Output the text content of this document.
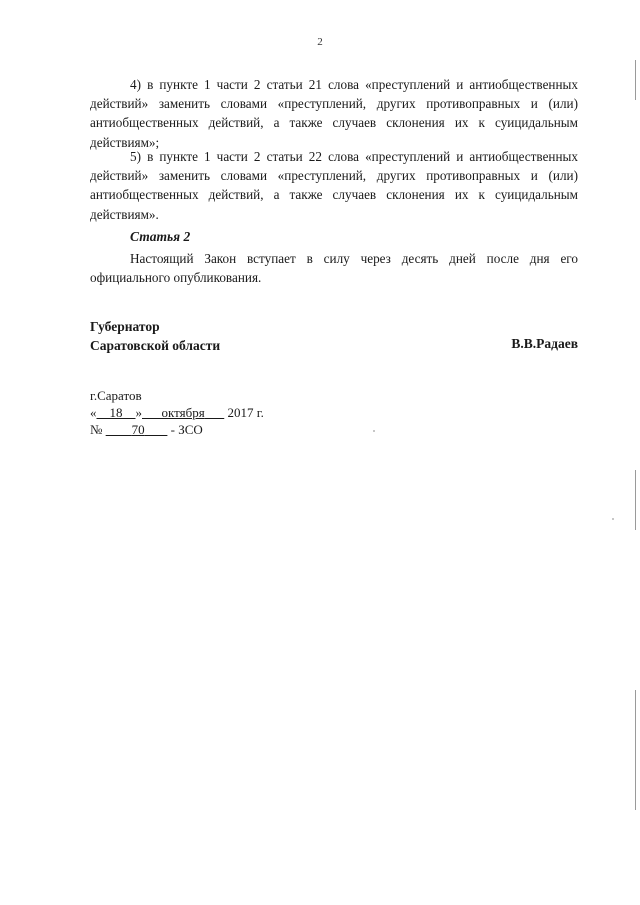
2

4) в пункте 1 части 2 статьи 21 слова «преступлений и антиобщественных действий» заменить словами «преступлений, других противоправных и (или) антиобщественных действий, а также случаев склонения их к суицидальным действиям»;

5) в пункте 1 части 2 статьи 22 слова «преступлений и антиобщественных действий» заменить словами «преступлений, других противоправных и (или) антиобщественных действий, а также случаев склонения их к суицидальным действиям».

Статья 2

Настоящий Закон вступает в силу через десять дней после дня его официального опубликования.

Губернатор
Саратовской области	В.В.Радаев
г.Саратов
« 18 » октября 2017 г.
№ 70 - ЗСО
